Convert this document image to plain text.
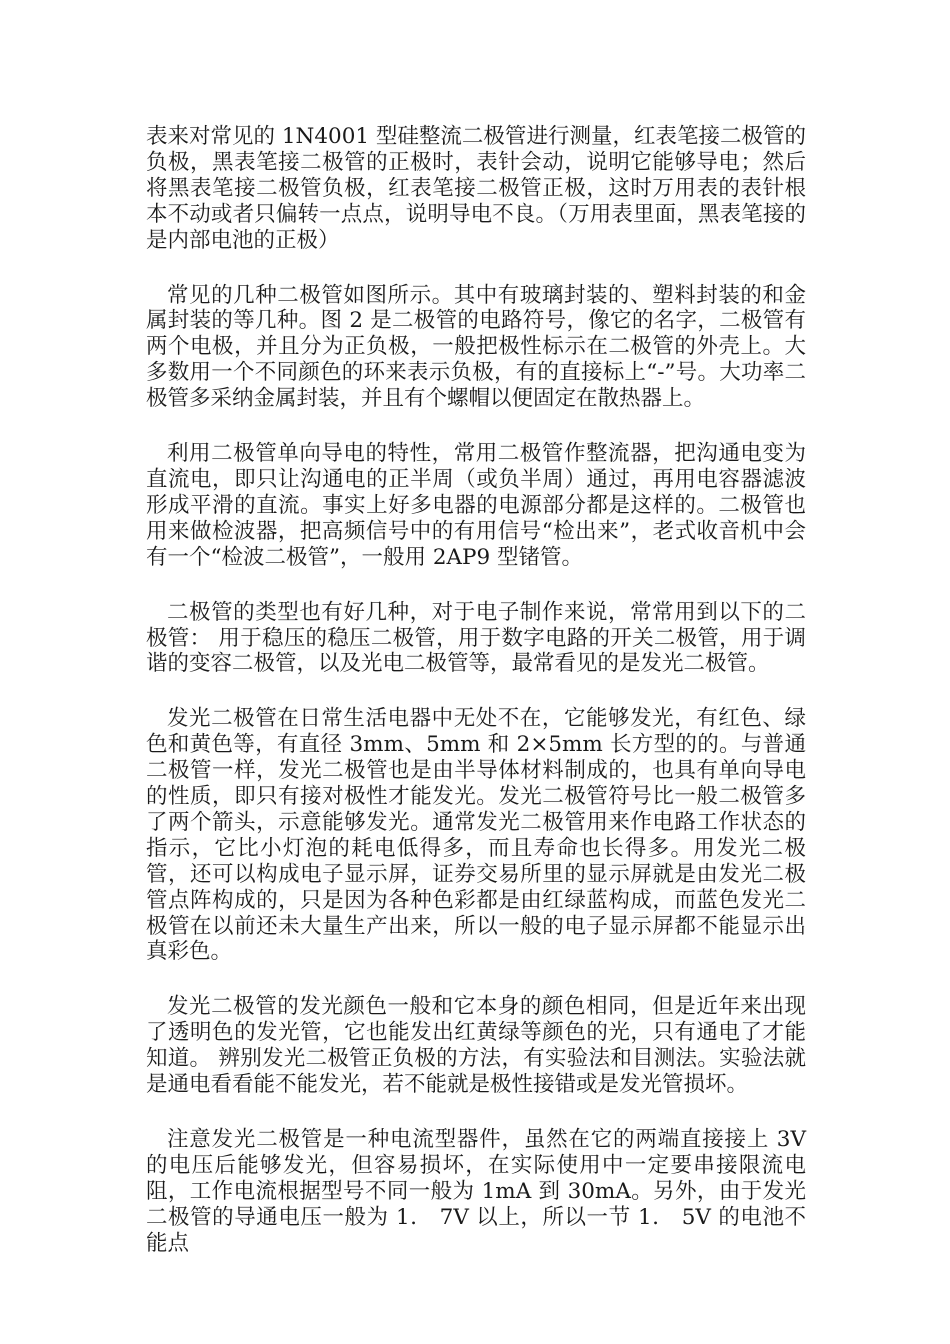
表来对常见的 1N4001 型硅整流二极管进行测量，红表笔接二极管的负极，黑表笔接二极管的正极时，表针会动，说明它能够导电；然后将黑表笔接二极管负极，红表笔接二极管正极，这时万用表的表针根本不动或者只偏转一点点，说明导电不良。（万用表里面，黑表笔接的是内部电池的正极）

常见的几种二极管如图所示。其中有玻璃封装的、塑料封装的和金属封装的等几种。图 2 是二极管的电路符号，像它的名字，二极管有两个电极，并且分为正负极，一般把极性标示在二极管的外壳上。大多数用一个不同颜色的环来表示负极，有的直接标上“-”号。大功率二极管多采纳金属封装，并且有个螺帽以便固定在散热器上。

利用二极管单向导电的特性，常用二极管作整流器，把沟通电变为直流电，即只让沟通电的正半周（或负半周）通过，再用电容器滤波形成平滑的直流。事实上好多电器的电源部分都是这样的。二极管也用来做检波器，把高频信号中的有用信号“检出来”，老式收音机中会有一个“检波二极管”，一般用 2AP9 型锗管。

二极管的类型也有好几种，对于电子制作来说，常常用到以下的二极管： 用于稳压的稳压二极管，用于数字电路的开关二极管，用于调谐的变容二极管，以及光电二极管等，最常看见的是发光二极管。

发光二极管在日常生活电器中无处不在，它能够发光，有红色、绿色和黄色等，有直径 3mm、5mm 和 2×5mm 长方型的的。与普通二极管一样，发光二极管也是由半导体材料制成的，也具有单向导电的性质，即只有接对极性才能发光。发光二极管符号比一般二极管多了两个箭头，示意能够发光。通常发光二极管用来作电路工作状态的指示，它比小灯泡的耗电低得多，而且寿命也长得多。用发光二极管，还可以构成电子显示屏，证券交易所里的显示屏就是由发光二极管点阵构成的，只是因为各种色彩都是由红绿蓝构成，而蓝色发光二极管在以前还未大量生产出来，所以一般的电子显示屏都不能显示出真彩色。

发光二极管的发光颜色一般和它本身的颜色相同，但是近年来出现了透明色的发光管，它也能发出红黄绿等颜色的光，只有通电了才能知道。 辨别发光二极管正负极的方法，有实验法和目测法。实验法就是通电看看能不能发光，若不能就是极性接错或是发光管损坏。

注意发光二极管是一种电流型器件，虽然在它的两端直接接上 3V 的电压后能够发光，但容易损坏，在实际使用中一定要串接限流电阻，工作电流根据型号不同一般为 1mA 到 30mA。另外，由于发光二极管的导通电压一般为 1． 7V 以上，所以一节 1． 5V 的电池不能点
